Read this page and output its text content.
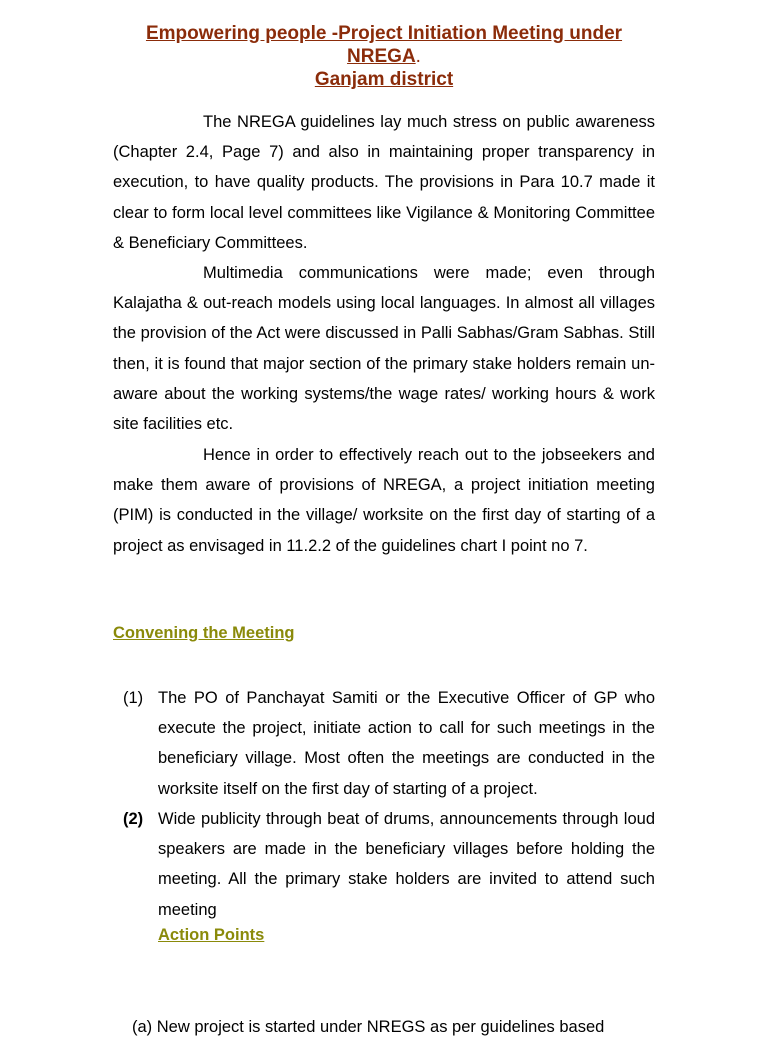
Empowering people -Project Initiation Meeting under
NREGA.
Ganjam district

The NREGA guidelines lay much stress on public awareness (Chapter 2.4, Page 7) and also in maintaining proper transparency in execution, to have quality products. The provisions in Para 10.7 made it clear to form local level committees like Vigilance & Monitoring Committee & Beneficiary Committees.

Multimedia communications were made; even through Kalajatha & out-reach models using local languages. In almost all villages the provision of the Act were discussed in Palli Sabhas/Gram Sabhas. Still then, it is found that major section of the primary stake holders remain un-aware about the working systems/the wage rates/ working hours & work site facilities etc.

Hence in order to effectively reach out to the jobseekers and make them aware of provisions of NREGA, a project initiation meeting (PIM) is conducted in the village/ worksite on the first day of starting of a project as envisaged in 11.2.2 of the guidelines chart I point no 7.

Convening the Meeting
(1) The PO of Panchayat Samiti or the Executive Officer of GP who execute the project, initiate action to call for such meetings in the beneficiary village. Most often the meetings are conducted in the worksite itself on the first day of starting of a project.
(2) Wide publicity through beat of drums, announcements through loud speakers are made in the beneficiary villages before holding the meeting. All the primary stake holders are invited to attend such meeting
Action Points
(a) New project is started under NREGS as per guidelines based
